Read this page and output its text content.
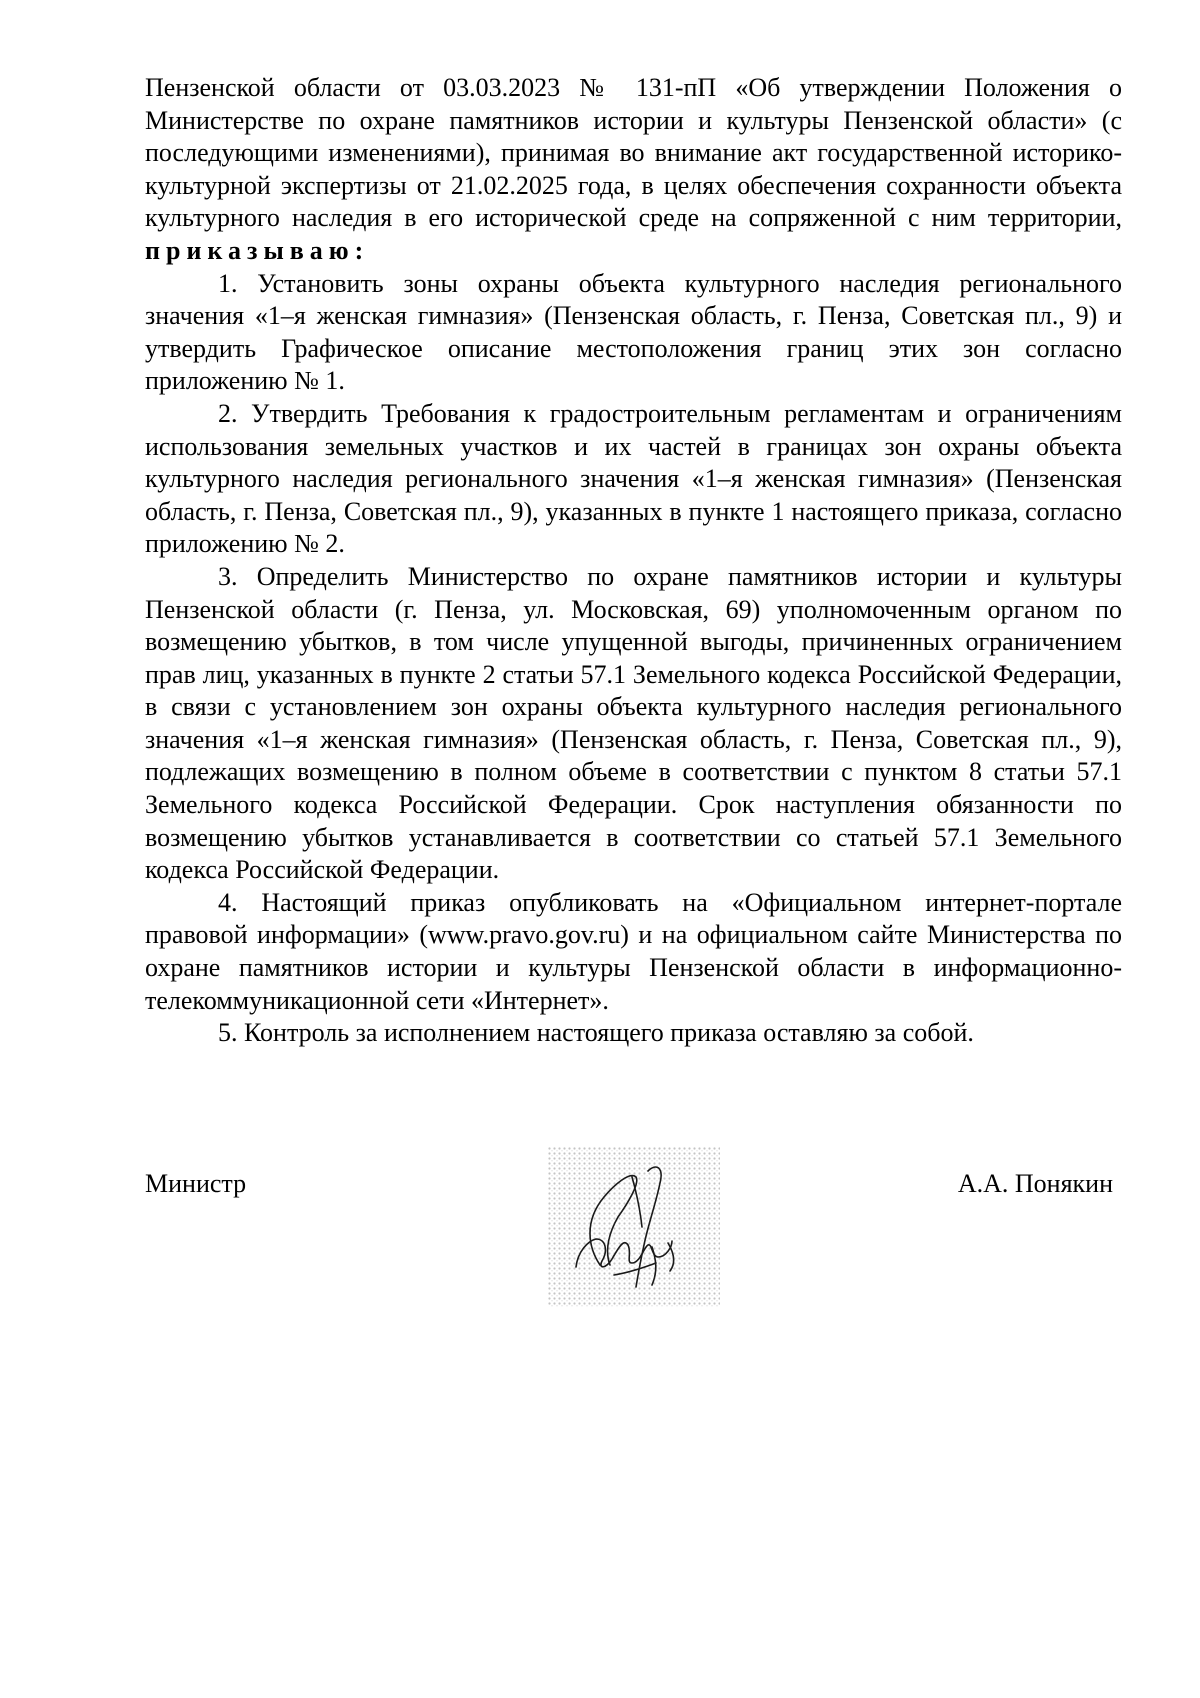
Пензенской области от 03.03.2023 № 131-пП «Об утверждении Положения о Министерстве по охране памятников истории и культуры Пензенской области» (с последующими изменениями), принимая во внимание акт государственной историко-культурной экспертизы от 21.02.2025 года, в целях обеспечения сохранности объекта культурного наследия в его исторической среде на сопряженной с ним территории, приказываю:

1. Установить зоны охраны объекта культурного наследия регионального значения «1–я женская гимназия» (Пензенская область, г. Пенза, Советская пл., 9) и утвердить Графическое описание местоположения границ этих зон согласно приложению № 1.

2. Утвердить Требования к градостроительным регламентам и ограничениям использования земельных участков и их частей в границах зон охраны объекта культурного наследия регионального значения «1–я женская гимназия» (Пензенская область, г. Пенза, Советская пл., 9), указанных в пункте 1 настоящего приказа, согласно приложению № 2.

3. Определить Министерство по охране памятников истории и культуры Пензенской области (г. Пенза, ул. Московская, 69) уполномоченным органом по возмещению убытков, в том числе упущенной выгоды, причиненных ограничением прав лиц, указанных в пункте 2 статьи 57.1 Земельного кодекса Российской Федерации, в связи с установлением зон охраны объекта культурного наследия регионального значения «1–я женская гимназия» (Пензенская область, г. Пенза, Советская пл., 9), подлежащих возмещению в полном объеме в соответствии с пунктом 8 статьи 57.1 Земельного кодекса Российской Федерации. Срок наступления обязанности по возмещению убытков устанавливается в соответствии со статьей 57.1 Земельного кодекса Российской Федерации.

4. Настоящий приказ опубликовать на «Официальном интернет-портале правовой информации» (www.pravo.gov.ru) и на официальном сайте Министерства по охране памятников истории и культуры Пензенской области в информационно-телекоммуникационной сети «Интернет».

5. Контроль за исполнением настоящего приказа оставляю за собой.

Министр	А.А. Понякин
